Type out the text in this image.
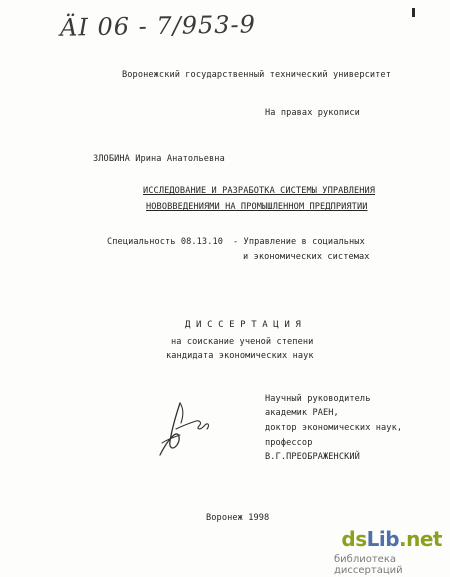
ÄI 06 - 7/953-9
Воронежский государственный технический университет
На правах рукописи
ЗЛОБИНА Ирина Анатольевна
ИССЛЕДОВАНИЕ И РАЗРАБОТКА СИСТЕМЫ УПРАВЛЕНИЯ
НОВОВВЕДЕНИЯМИ НА ПРОМЫШЛЕННОМ ПРЕДПРИЯТИИ
Специальность 08.13.10 - Управление в социальных
и экономических системах
Д И С С Е Р Т А Ц И Я
на соискание ученой степени
кандидата экономических наук
Научный руководитель
академик РАЕН,
доктор экономических наук,
профессор
В.Г.ПРЕОБРАЖЕНСКИЙ
Воронеж 1998
dsLib.net
библиотека диссертаций
